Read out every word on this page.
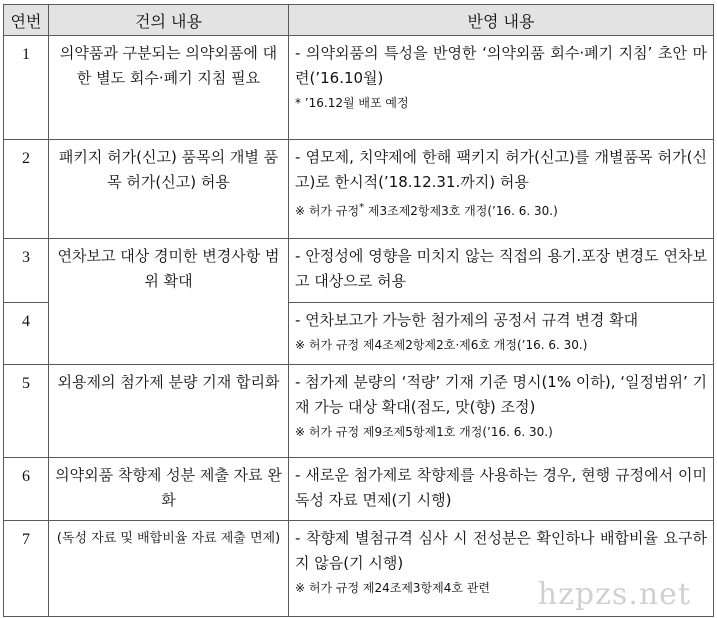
연번	건의 내용	반영 내용
1	의약품과 구분되는 의약외품에 대한 별도 회수·폐기 지침 필요	- 의약외품의 특성을 반영한 ‘의약외품 회수·폐기 지침’ 초안 마련(’16.10월)

* ’16.12월 배포 예정

2	패키지 허가(신고) 품목의 개별 품목 허가(신고) 허용	- 염모제, 치약제에 한해 팩키지 허가(신고)를 개별품목 허가(신고)로 한시적(’18.12.31.까지) 허용

※ 허가 규정* 제3조제2항제3호 개정(’16. 6. 30.)

3	연차보고 대상 경미한 변경사항 범위 확대	- 안정성에 영향을 미치지 않는 직접의 용기.포장 변경도 연차보고 대상으로 허용

4		- 연차보고가 가능한 첨가제의 공정서 규격 변경 확대

※ 허가 규정 제4조제2항제2호·제6호 개정(’16. 6. 30.)

5	외용제의 첨가제 분량 기재 합리화	- 첨가제 분량의 ‘적량’ 기재 기준 명시(1% 이하), ‘일정범위’ 기재 가능 대상 확대(점도, 맛(향) 조정)

※ 허가 규정 제9조제5항제1호 개정(’16. 6. 30.)

6	의약외품 착향제 성분 제출 자료 완화	- 새로운 첨가제로 착향제를 사용하는 경우, 현행 규정에서 이미 독성 자료 면제(기 시행)

7	(독성 자료 및 배합비율 자료 제출 면제)	- 착향제 별첨규격 심사 시 전성분은 확인하나 배합비율 요구하지 않음(기 시행)

※ 허가 규정 제24조제3항제4호 관련	hzpzs.net
